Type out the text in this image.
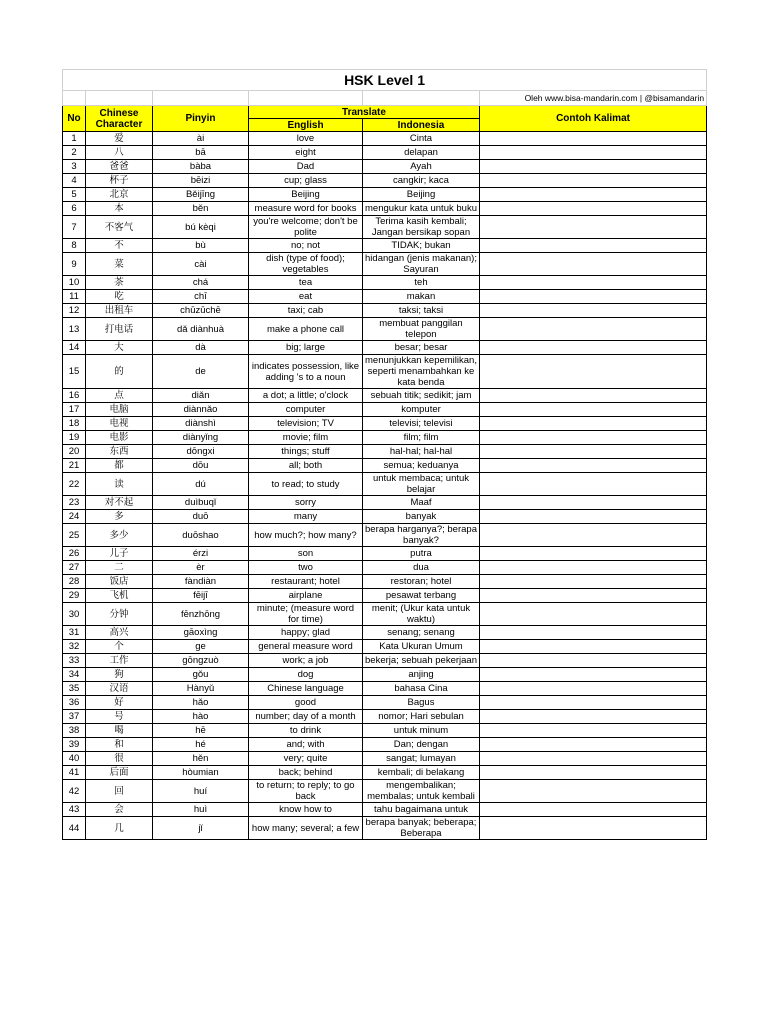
HSK Level 1					
					Oleh www.bisa-mandarin.com | @bisamandarin
No	Chinese Character	Pinyin	Translate		Contoh Kalimat
			English	Indonesia	
1	爱	ài	love	Cinta	
2	八	bā	eight	delapan	
3	爸爸	bàba	Dad	Ayah	
4	杯子	bēizi	cup; glass	cangkir; kaca	
5	北京	Běijīng	Beijing	Beijing	
6	本	běn	measure word for books	mengukur kata untuk buku	
7	不客气	bú kèqi	you're welcome; don't be polite	Terima kasih kembali; Jangan bersikap sopan	
8	不	bù	no; not	TIDAK; bukan	
9	菜	cài	dish (type of food); vegetables	hidangan (jenis makanan); Sayuran	
10	茶	chá	tea	teh	
11	吃	chī	eat	makan	
12	出租车	chūzūchē	taxi; cab	taksi; taksi	
13	打电话	dǎ diànhuà	make a phone call	membuat panggilan telepon	
14	大	dà	big; large	besar; besar	
15	的	de	indicates possession, like adding 's to a noun	menunjukkan kepemilikan, seperti menambahkan ke kata benda	
16	点	diǎn	a dot; a little; o'clock	sebuah titik; sedikit; jam	
17	电脑	diànnǎo	computer	komputer	
18	电视	diànshì	television; TV	televisi; televisi	
19	电影	diànyǐng	movie; film	film; film	
20	东西	dōngxi	things; stuff	hal-hal; hal-hal	
21	都	dōu	all; both	semua; keduanya	
22	读	dú	to read; to study	untuk membaca; untuk belajar	
23	对不起	duìbuqǐ	sorry	Maaf	
24	多	duō	many	banyak	
25	多少	duōshao	how much?; how many?	berapa harganya?; berapa banyak?	
26	儿子	érzi	son	putra	
27	二	èr	two	dua	
28	饭店	fàndiàn	restaurant; hotel	restoran; hotel	
29	飞机	fēijī	airplane	pesawat terbang	
30	分钟	fēnzhōng	minute; (measure word for time)	menit; (Ukur kata untuk waktu)	
31	高兴	gāoxìng	happy; glad	senang; senang	
32	个	ge	general measure word	Kata Ukuran Umum	
33	工作	gōngzuò	work; a job	bekerja; sebuah pekerjaan	
34	狗	gǒu	dog	anjing	
35	汉语	Hànyǔ	Chinese language	bahasa Cina	
36	好	hǎo	good	Bagus	
37	号	hào	number; day of a month	nomor; Hari sebulan	
38	喝	hē	to drink	untuk minum	
39	和	hé	and; with	Dan; dengan	
40	很	hěn	very; quite	sangat; lumayan	
41	后面	hòumian	back; behind	kembali; di belakang	
42	回	huí	to return; to reply; to go back	mengembalikan; membalas; untuk kembali	
43	会	huì	know how to	tahu bagaimana untuk	
44	几	jǐ	how many; several; a few	berapa banyak; beberapa; Beberapa	
